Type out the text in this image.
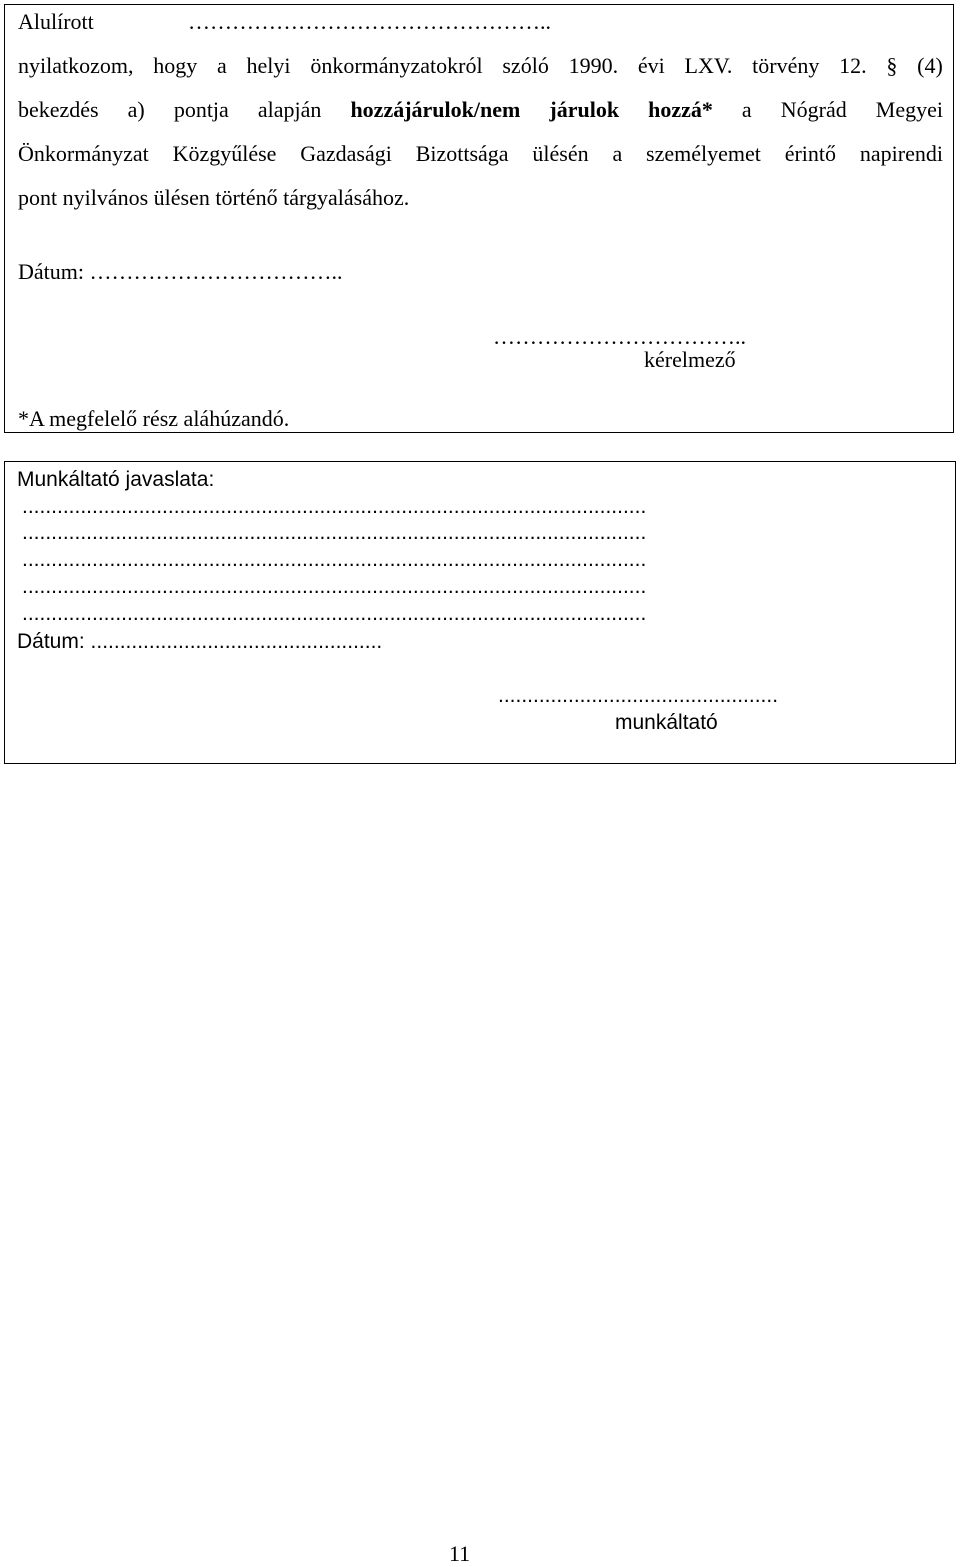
Alulírott	…………………………………………..
nyilatkozom, hogy a helyi önkormányzatokról szóló 1990. évi LXV. törvény 12. § (4)
bekezdés a) pontja alapján hozzájárulok/nem járulok hozzá* a Nógrád Megyei
Önkormányzat Közgyűlése Gazdasági Bizottsága ülésén a személyemet érintő napirendi
pont nyilvános ülésen történő tárgyalásához.
Dátum: ……………………………..
……………………………..
kérelmező
*A megfelelő rész aláhúzandó.
Munkáltató javaslata:
...........................................................................................................
...........................................................................................................
...........................................................................................................
...........................................................................................................
...........................................................................................................
Dátum: ..................................................
................................................
munkáltató
11
